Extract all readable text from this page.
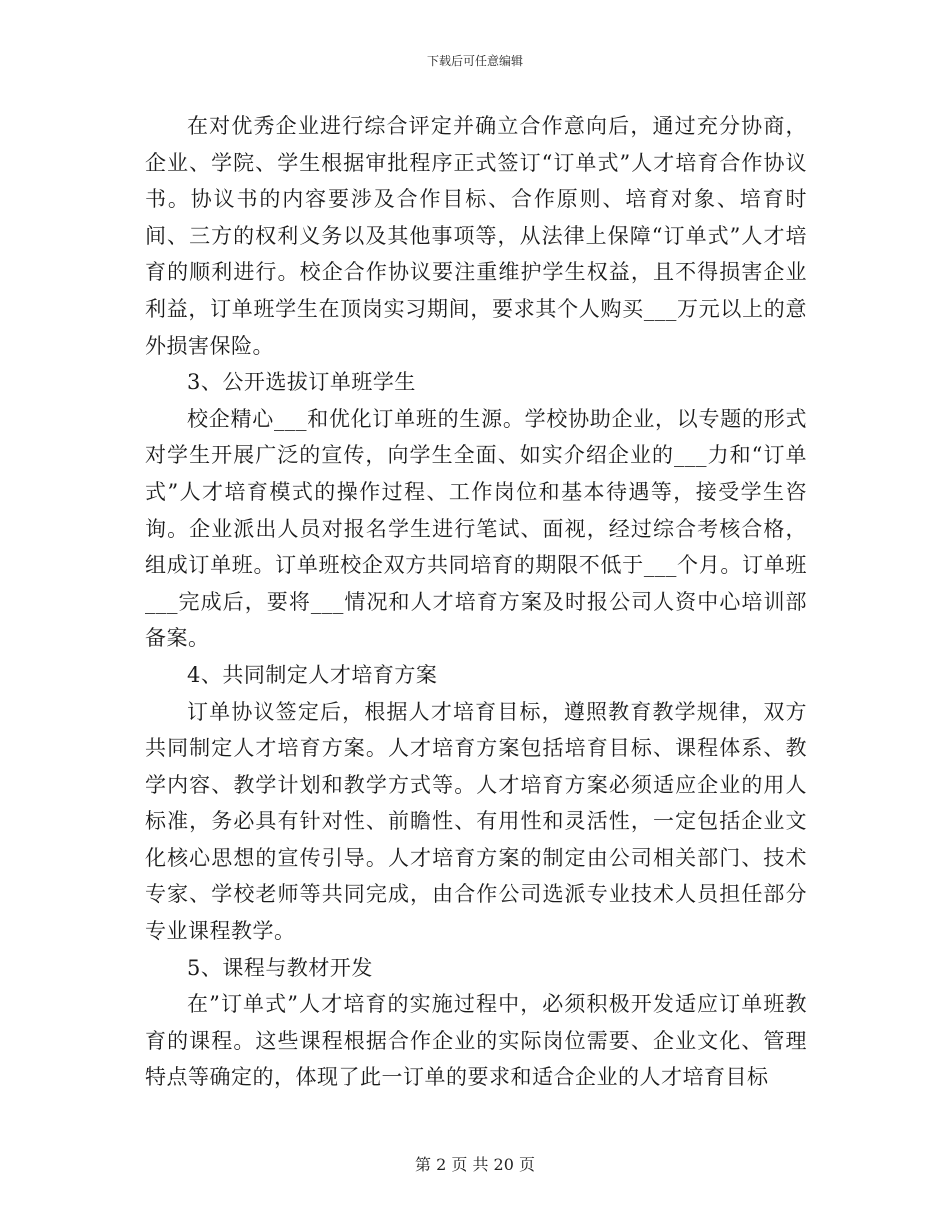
下载后可任意编辑

在对优秀企业进行综合评定并确立合作意向后，通过充分协商，企业、学院、学生根据审批程序正式签订“订单式”人才培育合作协议书。协议书的内容要涉及合作目标、合作原则、培育对象、培育时间、三方的权利义务以及其他事项等，从法律上保障“订单式”人才培育的顺利进行。校企合作协议要注重维护学生权益，且不得损害企业利益，订单班学生在顶岗实习期间，要求其个人购买___万元以上的意外损害保险。

3、公开选拔订单班学生

校企精心___和优化订单班的生源。学校协助企业，以专题的形式对学生开展广泛的宣传，向学生全面、如实介绍企业的___力和“订单式”人才培育模式的操作过程、工作岗位和基本待遇等，接受学生咨询。企业派出人员对报名学生进行笔试、面视，经过综合考核合格，组成订单班。订单班校企双方共同培育的期限不低于___个月。订单班___完成后，要将___情况和人才培育方案及时报公司人资中心培训部备案。

4、共同制定人才培育方案

订单协议签定后，根据人才培育目标，遵照教育教学规律，双方共同制定人才培育方案。人才培育方案包括培育目标、课程体系、教学内容、教学计划和教学方式等。人才培育方案必须适应企业的用人标准，务必具有针对性、前瞻性、有用性和灵活性，一定包括企业文化核心思想的宣传引导。人才培育方案的制定由公司相关部门、技术专家、学校老师等共同完成，由合作公司选派专业技术人员担任部分专业课程教学。

5、课程与教材开发

在”订单式”人才培育的实施过程中，必须积极开发适应订单班教育的课程。这些课程根据合作企业的实际岗位需要、企业文化、管理特点等确定的，体现了此一订单的要求和适合企业的人才培育目标

第 2 页 共 20 页
